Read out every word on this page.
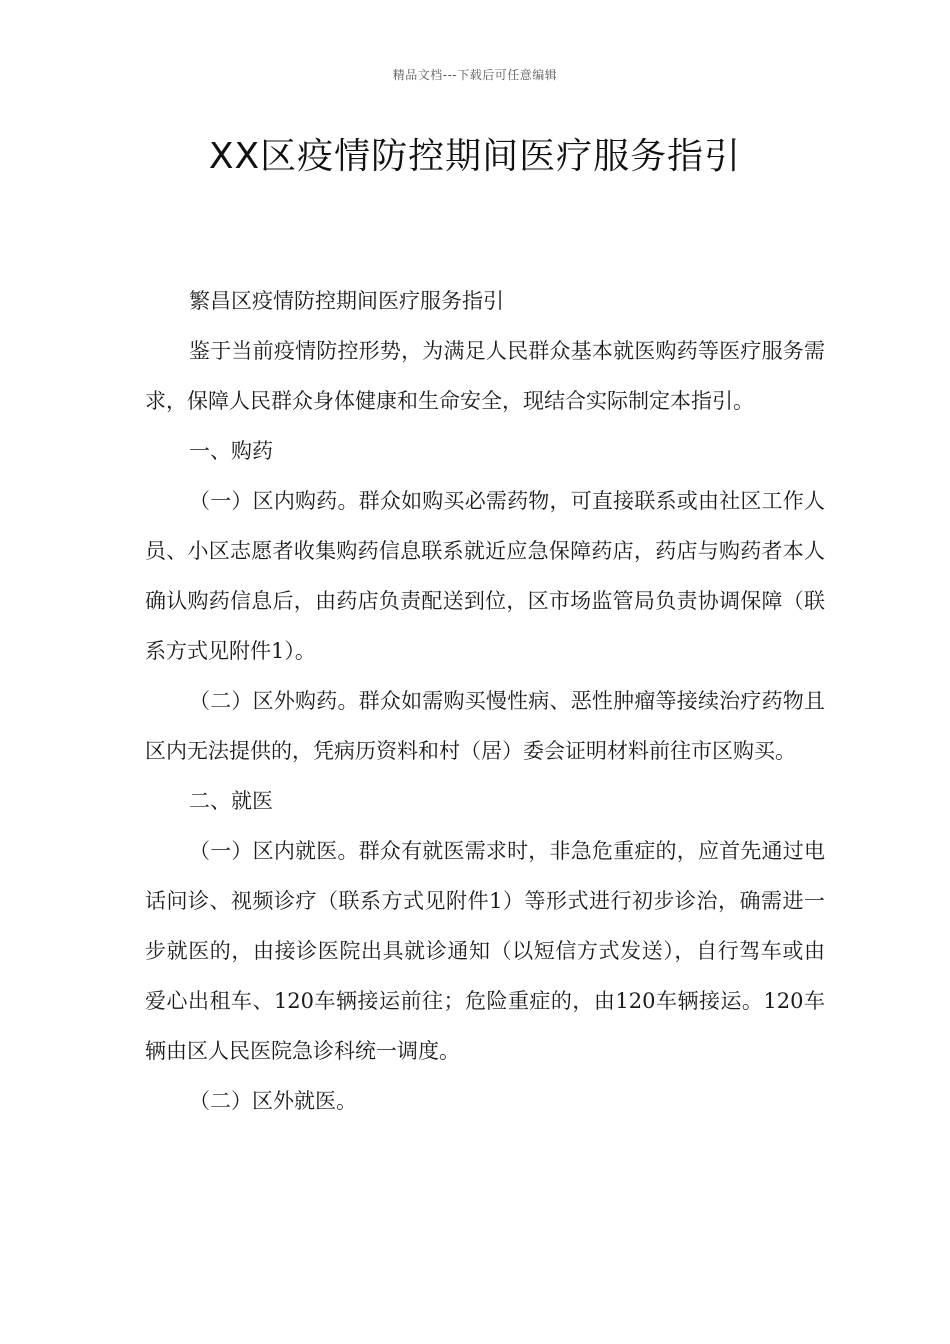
精品文档---下载后可任意编辑
XX区疫情防控期间医疗服务指引

繁昌区疫情防控期间医疗服务指引

鉴于当前疫情防控形势，为满足人民群众基本就医购药等医疗服务需求，保障人民群众身体健康和生命安全，现结合实际制定本指引。

一、购药

（一）区内购药。群众如购买必需药物，可直接联系或由社区工作人员、小区志愿者收集购药信息联系就近应急保障药店，药店与购药者本人确认购药信息后，由药店负责配送到位，区市场监管局负责协调保障（联系方式见附件1）。

（二）区外购药。群众如需购买慢性病、恶性肿瘤等接续治疗药物且区内无法提供的，凭病历资料和村（居）委会证明材料前往市区购买。

二、就医

（一）区内就医。群众有就医需求时，非急危重症的，应首先通过电话问诊、视频诊疗（联系方式见附件1）等形式进行初步诊治，确需进一步就医的，由接诊医院出具就诊通知（以短信方式发送），自行驾车或由爱心出租车、120车辆接运前往；危险重症的，由120车辆接运。120车辆由区人民医院急诊科统一调度。

（二）区外就医。
